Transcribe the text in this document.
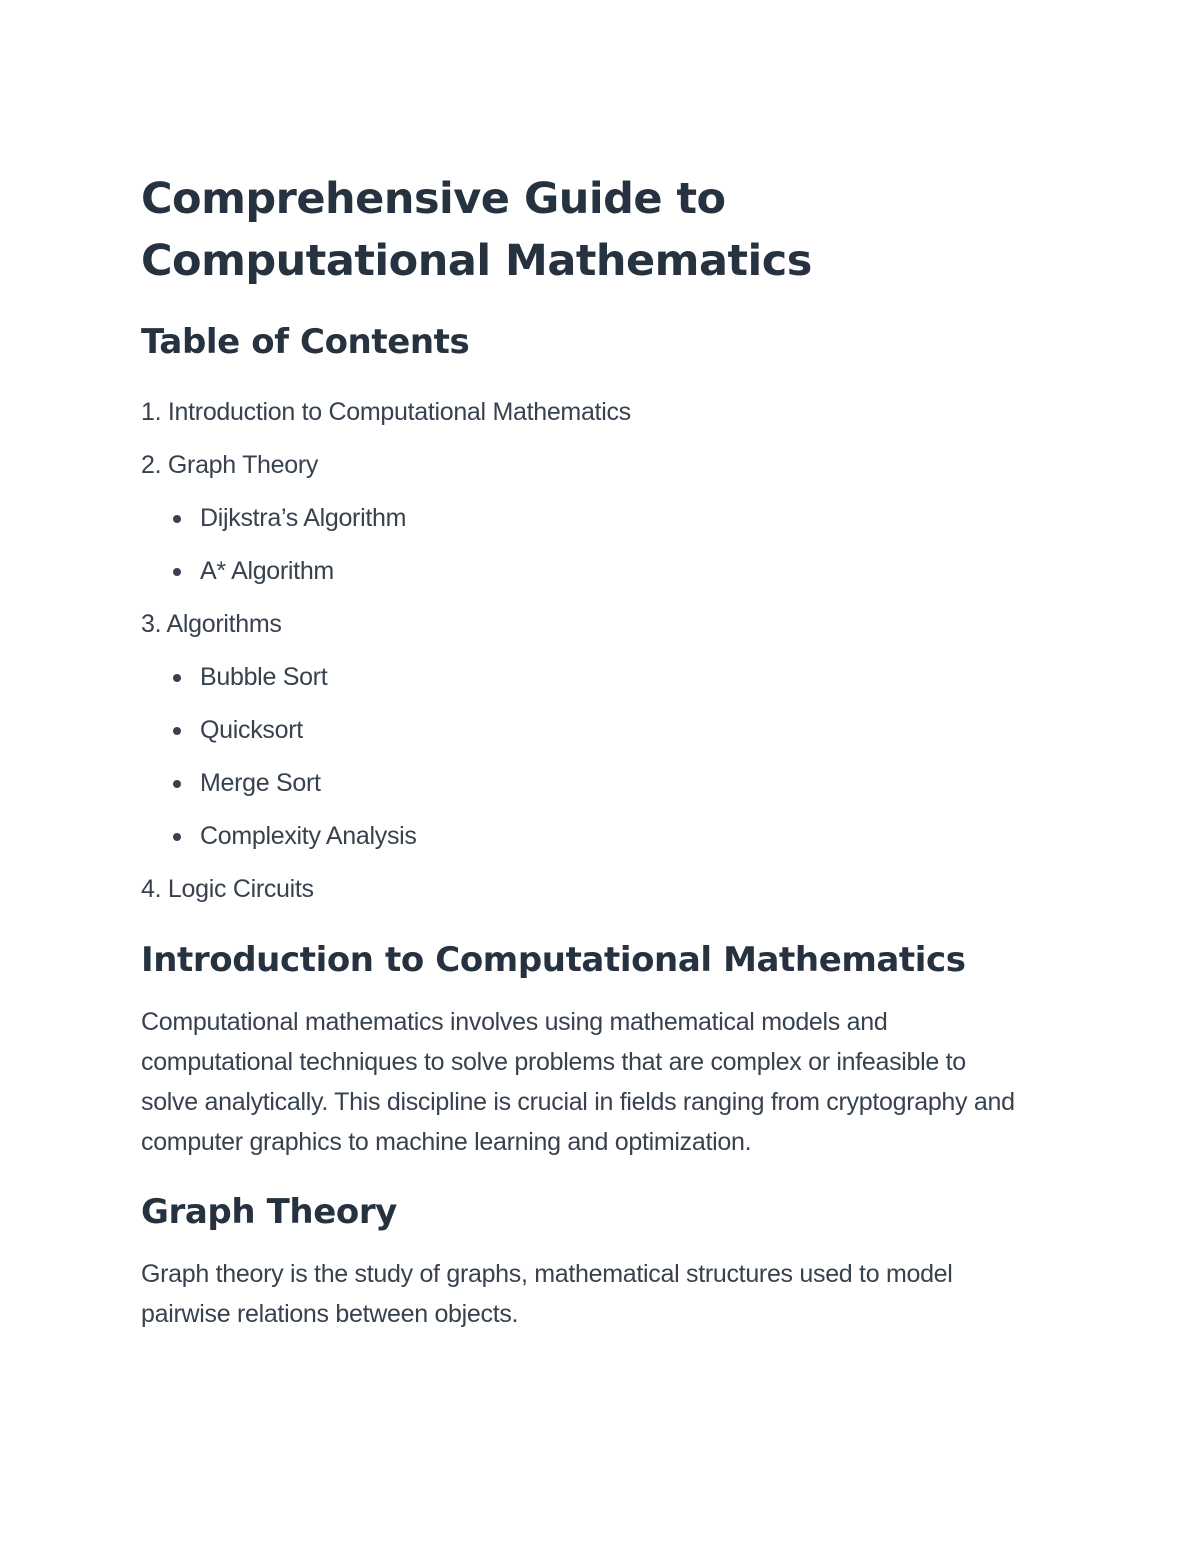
Comprehensive Guide to
Computational Mathematics
Table of Contents
1. Introduction to Computational Mathematics
2. Graph Theory
Dijkstra’s Algorithm
A* Algorithm
3. Algorithms
Bubble Sort
Quicksort
Merge Sort
Complexity Analysis
4. Logic Circuits
Introduction to Computational Mathematics

Computational mathematics involves using mathematical models and computational techniques to solve problems that are complex or infeasible to solve analytically. This discipline is crucial in fields ranging from cryptography and computer graphics to machine learning and optimization.

Graph Theory

Graph theory is the study of graphs, mathematical structures used to model pairwise relations between objects.
